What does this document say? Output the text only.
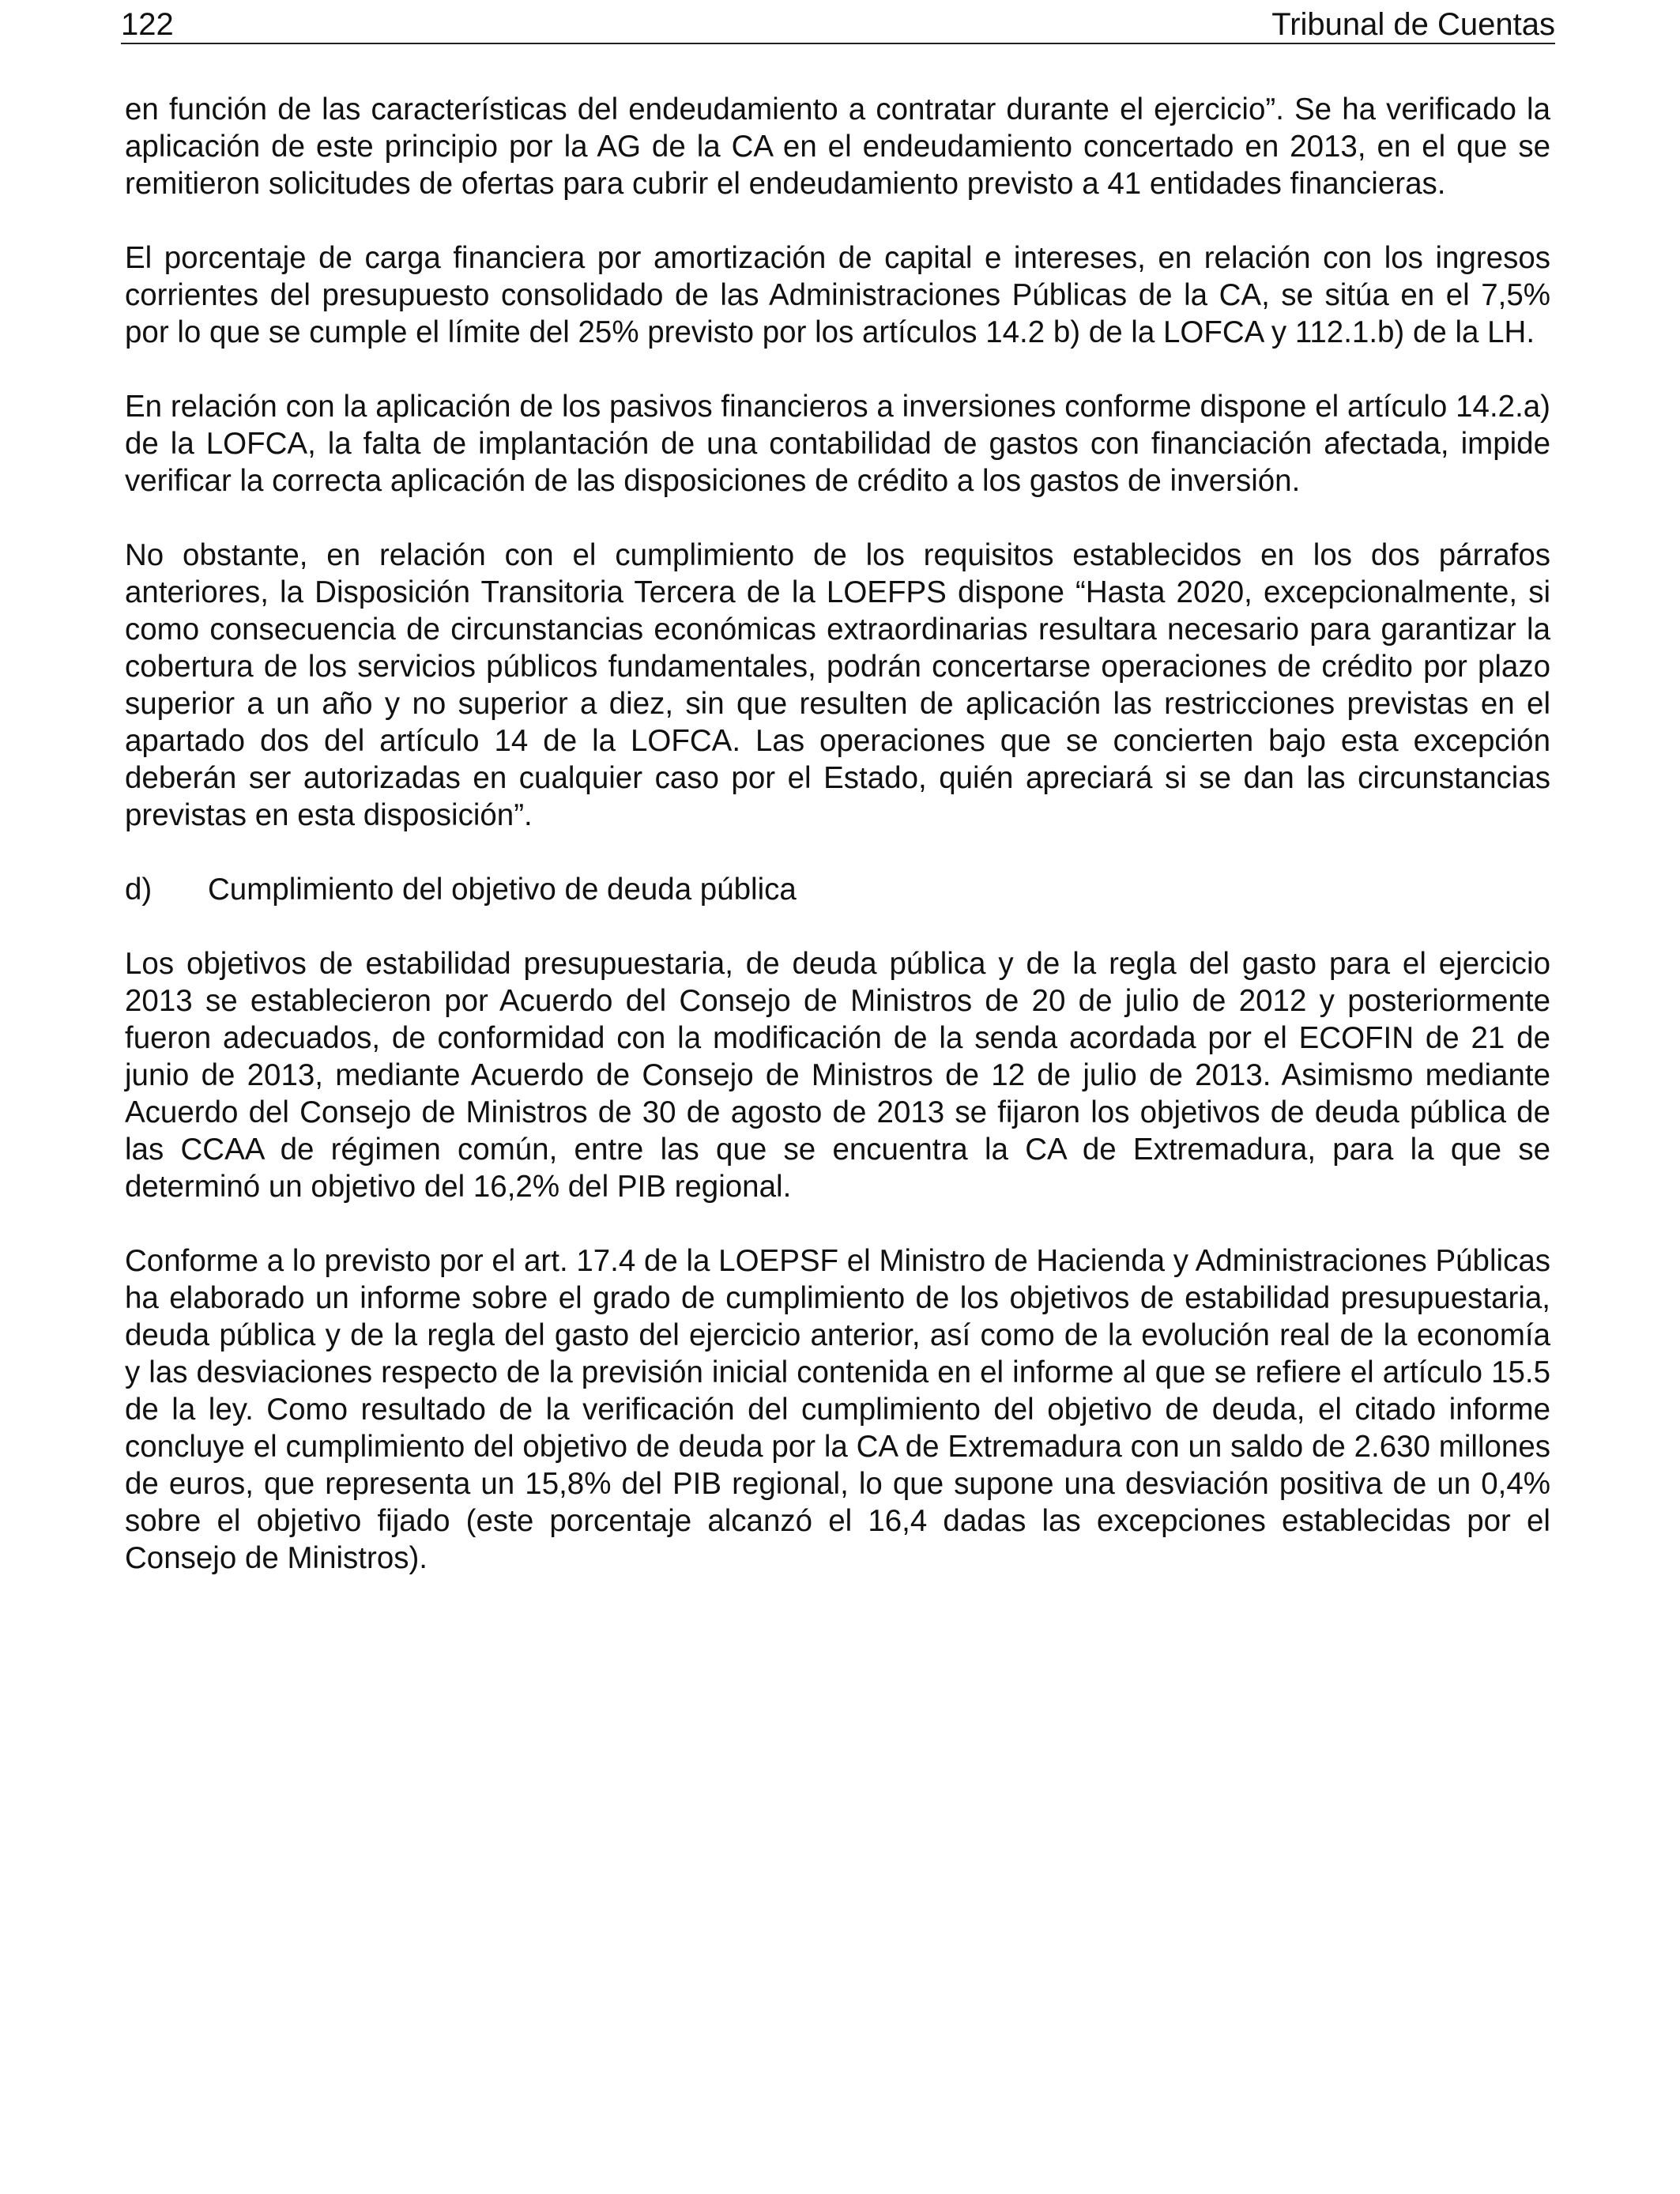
122	Tribunal de Cuentas

en función de las características del endeudamiento a contratar durante el ejercicio”. Se ha verificado la aplicación de este principio por la AG de la CA en el endeudamiento concertado en 2013, en el que se remitieron solicitudes de ofertas para cubrir el endeudamiento previsto a 41 entidades financieras.

El porcentaje de carga financiera por amortización de capital e intereses, en relación con los ingresos corrientes del presupuesto consolidado de las Administraciones Públicas de la CA, se sitúa en el 7,5% por lo que se cumple el límite del 25% previsto por los artículos 14.2 b) de la LOFCA y 112.1.b) de la LH.

En relación con la aplicación de los pasivos financieros a inversiones conforme dispone el artículo 14.2.a) de la LOFCA, la falta de implantación de una contabilidad de gastos con financiación afectada, impide verificar la correcta aplicación de las disposiciones de crédito a los gastos de inversión.

No obstante, en relación con el cumplimiento de los requisitos establecidos en los dos párrafos anteriores, la Disposición Transitoria Tercera de la LOEFPS dispone “Hasta 2020, excepcionalmente, si como consecuencia de circunstancias económicas extraordinarias resultara necesario para garantizar la cobertura de los servicios públicos fundamentales, podrán concertarse operaciones de crédito por plazo superior a un año y no superior a diez, sin que resulten de aplicación las restricciones previstas en el apartado dos del artículo 14 de la LOFCA. Las operaciones que se concierten bajo esta excepción deberán ser autorizadas en cualquier caso por el Estado, quién apreciará si se dan las circunstancias previstas en esta disposición”.

d)	Cumplimiento del objetivo de deuda pública

Los objetivos de estabilidad presupuestaria, de deuda pública y de la regla del gasto para el ejercicio 2013 se establecieron por Acuerdo del Consejo de Ministros de 20 de julio de 2012 y posteriormente fueron adecuados, de conformidad con la modificación de la senda acordada por el ECOFIN de 21 de junio de 2013, mediante Acuerdo de Consejo de Ministros de 12 de julio de 2013. Asimismo mediante Acuerdo del Consejo de Ministros de 30 de agosto de 2013 se fijaron los objetivos de deuda pública de las CCAA de régimen común, entre las que se encuentra la CA de Extremadura, para la que se determinó un objetivo del 16,2% del PIB regional.

Conforme a lo previsto por el art. 17.4 de la LOEPSF el Ministro de Hacienda y Administraciones Públicas ha elaborado un informe sobre el grado de cumplimiento de los objetivos de estabilidad presupuestaria, deuda pública y de la regla del gasto del ejercicio anterior, así como de la evolución real de la economía y las desviaciones respecto de la previsión inicial contenida en el informe al que se refiere el artículo 15.5 de la ley. Como resultado de la verificación del cumplimiento del objetivo de deuda, el citado informe concluye el cumplimiento del objetivo de deuda por la CA de Extremadura con un saldo de 2.630 millones de euros, que representa un 15,8% del PIB regional, lo que supone una desviación positiva de un 0,4% sobre el objetivo fijado (este porcentaje alcanzó el 16,4 dadas las excepciones establecidas por el Consejo de Ministros).
